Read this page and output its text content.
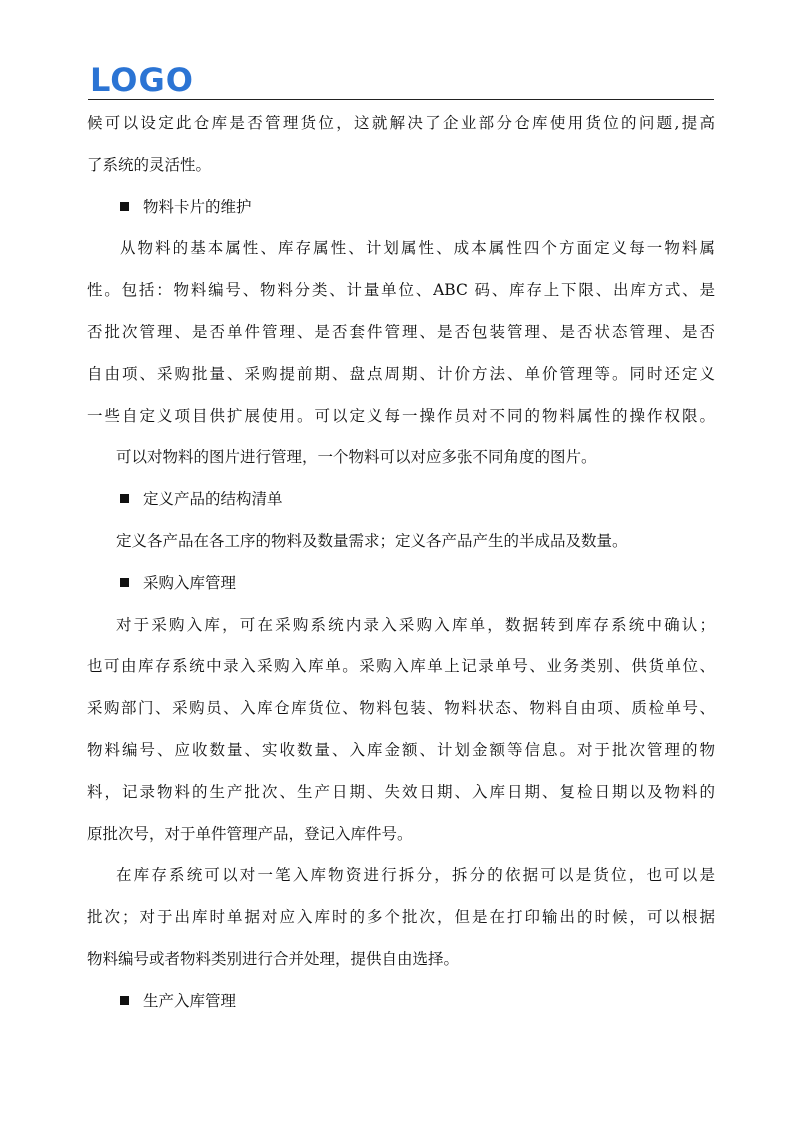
LOGO
候可以设定此仓库是否管理货位，这就解决了企业部分仓库使用货位的问题,提高
了系统的灵活性。
物料卡片的维护
从物料的基本属性、库存属性、计划属性、成本属性四个方面定义每一物料属
性。包括：物料编号、物料分类、计量单位、ABC 码、库存上下限、出库方式、是
否批次管理、是否单件管理、是否套件管理、是否包装管理、是否状态管理、是否
自由项、采购批量、采购提前期、盘点周期、计价方法、单价管理等。同时还定义
一些自定义项目供扩展使用。可以定义每一操作员对不同的物料属性的操作权限。
可以对物料的图片进行管理，一个物料可以对应多张不同角度的图片。
定义产品的结构清单
定义各产品在各工序的物料及数量需求；定义各产品产生的半成品及数量。
采购入库管理
对于采购入库，可在采购系统内录入采购入库单，数据转到库存系统中确认；
也可由库存系统中录入采购入库单。采购入库单上记录单号、业务类别、供货单位、
采购部门、采购员、入库仓库货位、物料包装、物料状态、物料自由项、质检单号、
物料编号、应收数量、实收数量、入库金额、计划金额等信息。对于批次管理的物
料，记录物料的生产批次、生产日期、失效日期、入库日期、复检日期以及物料的
原批次号，对于单件管理产品，登记入库件号。
在库存系统可以对一笔入库物资进行拆分，拆分的依据可以是货位，也可以是
批次；对于出库时单据对应入库时的多个批次，但是在打印输出的时候，可以根据
物料编号或者物料类别进行合并处理，提供自由选择。
生产入库管理
